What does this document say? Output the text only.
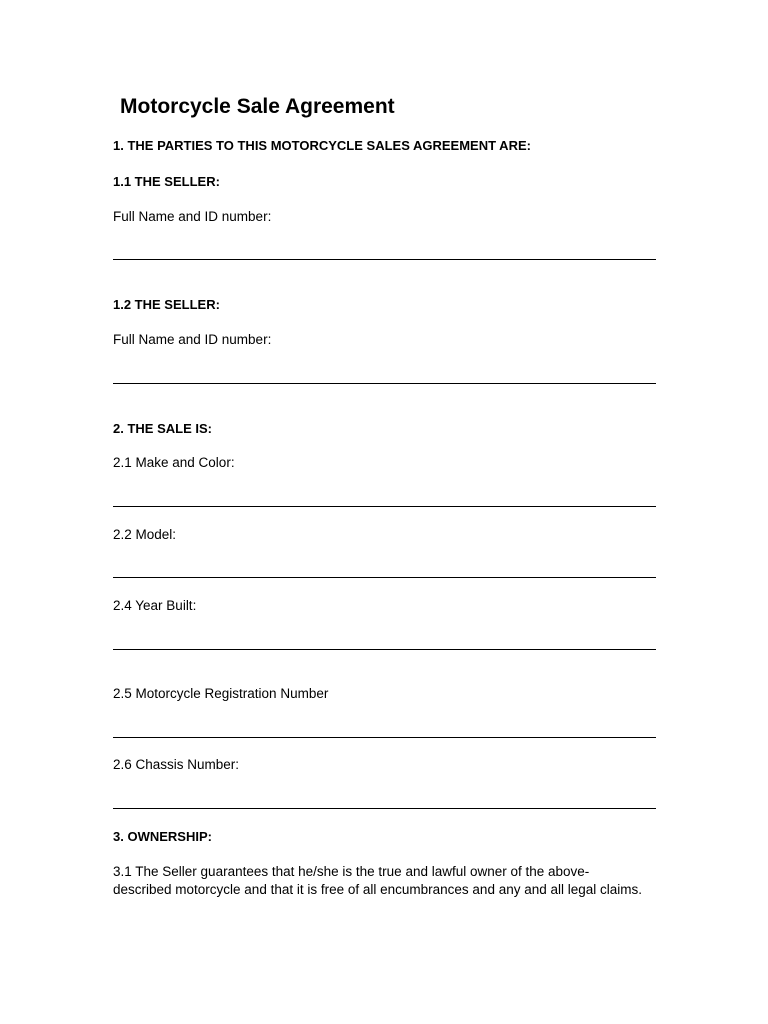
Motorcycle Sale Agreement
1. THE PARTIES TO THIS MOTORCYCLE SALES AGREEMENT ARE:
1.1 THE SELLER:
Full Name and ID number:
1.2 THE SELLER:
Full Name and ID number:
2. THE SALE IS:
2.1 Make and Color:
2.2 Model:
2.4 Year Built:
2.5 Motorcycle Registration Number
2.6 Chassis Number:
3. OWNERSHIP:

3.1 The Seller guarantees that he/she is the true and lawful owner of the above-described motorcycle and that it is free of all encumbrances and any and all legal claims.
